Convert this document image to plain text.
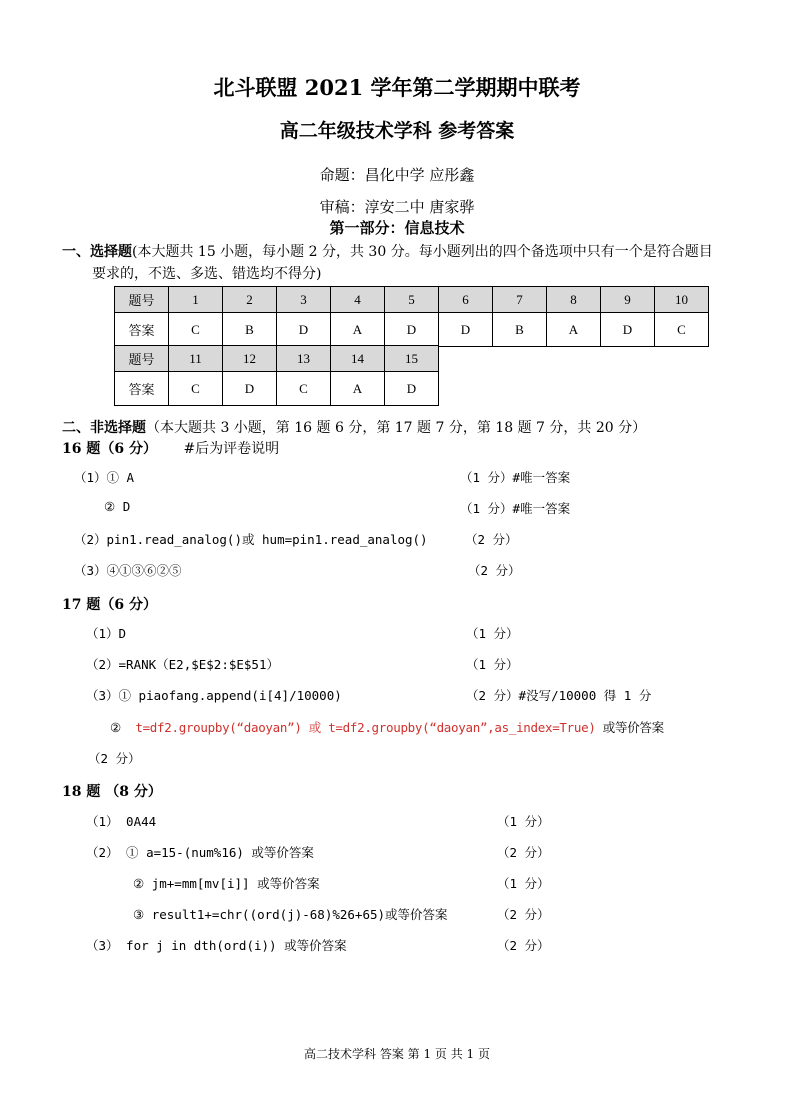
北斗联盟 2021 学年第二学期期中联考
高二年级技术学科 参考答案
命题：昌化中学 应彤鑫
审稿：淳安二中 唐家骅
第一部分：信息技术
一、选择题(本大题共 15 小题，每小题 2 分，共 30 分。每小题列出的四个备选项中只有一个是符合题目
要求的，不选、多选、错选均不得分)
题号	1	2	3	4	5	6	7	8	9	10
答案	C	B	D	A	D	D	B	A	D	C
题号	11	12	13	14	15
答案	C	D	C	A	D
二、非选择题（本大题共 3 小题，第 16 题 6 分，第 17 题 7 分，第 18 题 7 分，共 20 分）
16 题（6 分） #后为评卷说明
（1）① A	（1 分）#唯一答案
② D	（1 分）#唯一答案
（2）pin1.read_analog()或 hum=pin1.read_analog()	（2 分）
（3）④①③⑥②⑤	（2 分）
17 题（6 分）
（1）D	（1 分）
（2）=RANK（E2,$E$2:$E$51）	（1 分）
（3）① piaofang.append(i[4]/10000)	（2 分）#没写/10000 得 1 分
② t=df2.groupby(“daoyan”) 或 t=df2.groupby(“daoyan”,as_index=True) 或等价答案
（2 分）
18 题 （8 分）
（1） 0A44	（1 分）
（2） ① a=15-(num%16) 或等价答案	（2 分）
② jm+=mm[mv[i]] 或等价答案	（1 分）
③ result1+=chr((ord(j)-68)%26+65)或等价答案	（2 分）
（3） for j in dth(ord(i)) 或等价答案	（2 分）
高二技术学科 答案 第 1 页 共 1 页
